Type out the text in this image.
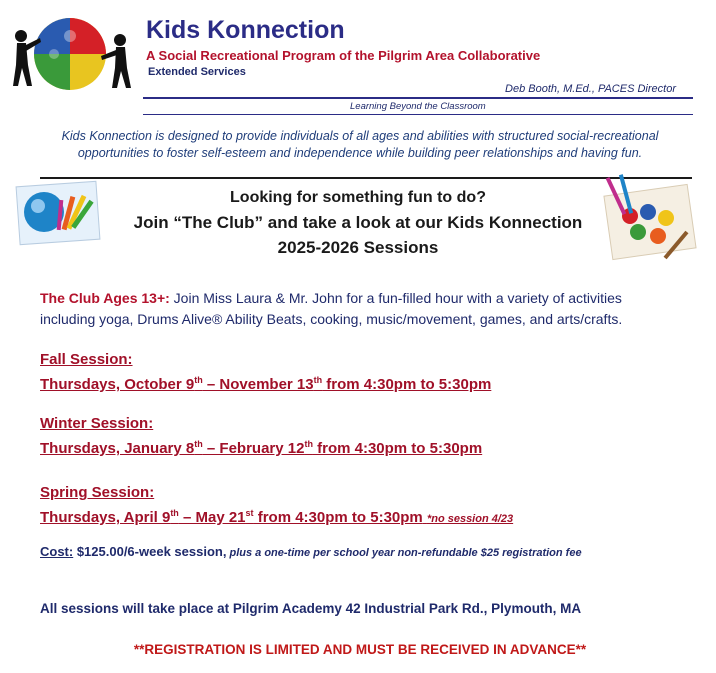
Kids Konnection
A Social Recreational Program of the Pilgrim Area Collaborative
Extended Services
Deb Booth, M.Ed., PACES Director
Learning Beyond the Classroom
Kids Konnection is designed to provide individuals of all ages and abilities with structured social-recreational
opportunities to foster self-esteem and independence while building peer relationships and having fun.
Looking for something fun to do?
Join “The Club” and take a look at our Kids Konnection
2025-2026 Sessions
The Club Ages 13+: Join Miss Laura & Mr. John for a fun-filled hour with a variety of activities
including yoga, Drums Alive® Ability Beats, cooking, music/movement, games, and arts/crafts.
Fall Session:
Thursdays, October 9th – November 13th from 4:30pm to 5:30pm
Winter Session:
Thursdays, January 8th – February 12th from 4:30pm to 5:30pm
Spring Session:
Thursdays, April 9th – May 21st from 4:30pm to 5:30pm *no session 4/23
Cost: $125.00/6-week session, plus a one-time per school year non-refundable $25 registration fee
All sessions will take place at Pilgrim Academy 42 Industrial Park Rd., Plymouth, MA
**REGISTRATION IS LIMITED AND MUST BE RECEIVED IN ADVANCE**
